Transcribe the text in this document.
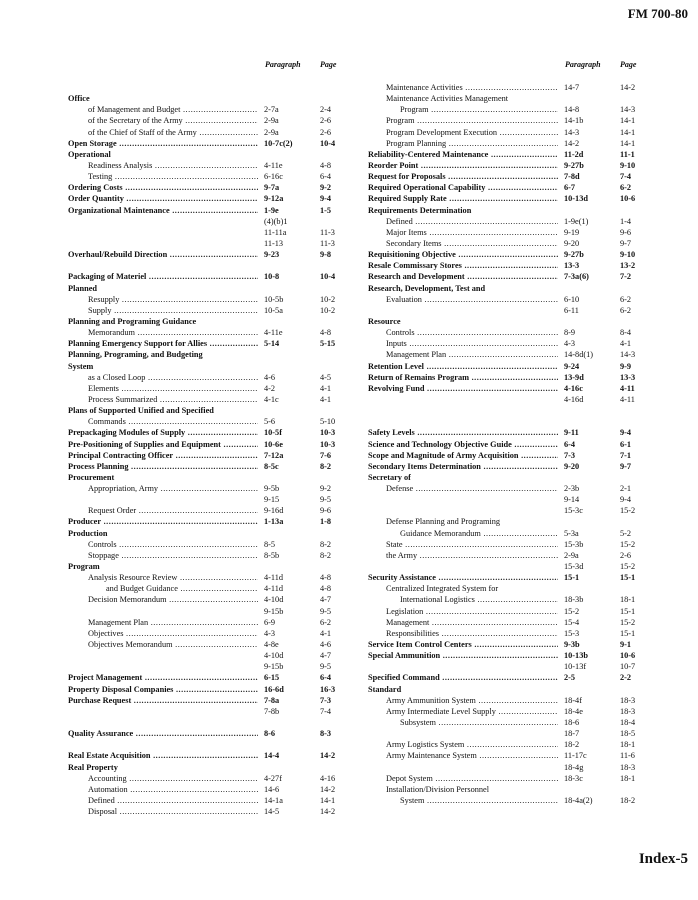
FM 700-80
Paragraph Page	Paragraph Page
Office
of Management and Budget .....	2-7a	2-4
of the Secretary of the Army .....	2-9a	2-6
of the Chief of Staff of the Army .....	2-9a	2-6
Open Storage .....	10-7c(2)	10-4
Operational
Readiness Analysis .....	4-11e	4-8
Testing .....	6-16c	6-4
Ordering Costs .....	9-7a	9-2
Order Quantity .....	9-12a	9-4
Organizational Maintenance .....	1-9e	1-5
(4)(b)1
11-11a	11-3
11-13	11-3
Overhaul/Rebuild Direction .....	9-23	9-8
Packaging of Materiel .....	10-8	10-4
Planned
Resupply .....	10-5b	10-2
Supply .....	10-5a	10-2
Planning and Programing Guidance
Memorandum .....	4-11e	4-8
Planning Emergency Support for Allies .....	5-14	5-15
Planning, Programing, and Budgeting
System
as a Closed Loop .....	4-6	4-5
Elements .....	4-2	4-1
Process Summarized .....	4-1c	4-1
Plans of Supported Unified and Specified
Commands .....	5-6	5-10
Prepackaging Modules of Supply .....	10-5f	10-3
Pre-Positioning of Supplies and Equipment .....	10-6e	10-3
Principal Contracting Officer .....	7-12a	7-6
Process Planning .....	8-5c	8-2
Procurement
Appropriation, Army .....	9-5b	9-2
9-15	9-5
Request Order .....	9-16d	9-6
Producer .....	1-13a	1-8
Production
Controls .....	8-5	8-2
Stoppage .....	8-5b	8-2
Program
Analysis Resource Review .....	4-11d	4-8
and Budget Guidance .....	4-11d	4-8
Decision Memorandum .....	4-10d	4-7
9-15b	9-5
Management Plan .....	6-9	6-2
Objectives .....	4-3	4-1
Objectives Memorandum .....	4-8e	4-6
4-10d	4-7
9-15b	9-5
Project Management .....	6-15	6-4
Property Disposal Companies .....	16-6d	16-3
Purchase Request .....	7-8a	7-3
7-8b	7-4
Quality Assurance .....	8-6	8-3
Real Estate Acquisition .....	14-4	14-2
Real Property
Accounting .....	4-27f	4-16
Automation .....	14-6	14-2
Defined .....	14-1a	14-1
Disposal .....	14-5	14-2
Maintenance Activities .....	14-7	14-2
Maintenance Activities Management
Program .....	14-8	14-3
Program .....	14-1b	14-1
Program Development Execution .....	14-3	14-1
Program Planning .....	14-2	14-1
Reliability-Centered Maintenance .....	11-2d	11-1
Reorder Point .....	9-27b	9-10
Request for Proposals .....	7-8d	7-4
Required Operational Capability .....	6-7	6-2
Required Supply Rate .....	10-13d	10-6
Requirements Determination
Defined .....	1-9e(1)	1-4
Major Items .....	9-19	9-6
Secondary Items .....	9-20	9-7
Requisitioning Objective .....	9-27b	9-10
Resale Commissary Stores .....	13-3	13-2
Research and Development .....	7-3a(6)	7-2
Research, Development, Test and
Evaluation .....	6-10	6-2
6-11	6-2
Resource
Controls .....	8-9	8-4
Inputs .....	4-3	4-1
Management Plan .....	14-8d(1)	14-3
Retention Level .....	9-24	9-9
Return of Remains Program .....	13-9d	13-3
Revolving Fund .....	4-16c	4-11
4-16d	4-11
Safety Levels .....	9-11	9-4
Science and Technology Objective Guide .....	6-4	6-1
Scope and Magnitude of Army Acquisition .....	7-3	7-1
Secondary Items Determination .....	9-20	9-7
Secretary of
Defense .....	2-3b	2-1
9-14	9-4
15-3c	15-2
Defense Planning and Programing
Guidance Memorandum .....	5-3a	5-2
State .....	15-3b	15-2
the Army .....	2-9a	2-6
15-3d	15-2
Security Assistance .....	15-1	15-1
Centralized Integrated System for
International Logistics .....	18-3b	18-1
Legislation .....	15-2	15-1
Management .....	15-4	15-2
Responsibilities .....	15-3	15-1
Service Item Control Centers .....	9-3b	9-1
Special Ammunition .....	10-13b	10-6
10-13f	10-7
Specified Command .....	2-5	2-2
Standard
Army Ammunition System .....	18-4f	18-3
Army Intermediate Level Supply .....	18-4e	18-3
Subsystem .....	18-6	18-4
18-7	18-5
Army Logistics System .....	18-2	18-1
Army Maintenance System .....	11-17c	11-6
18-4g	18-3
Depot System .....	18-3c	18-1
Installation/Division Personnel
System .....	18-4a(2)	18-2
Index-5
